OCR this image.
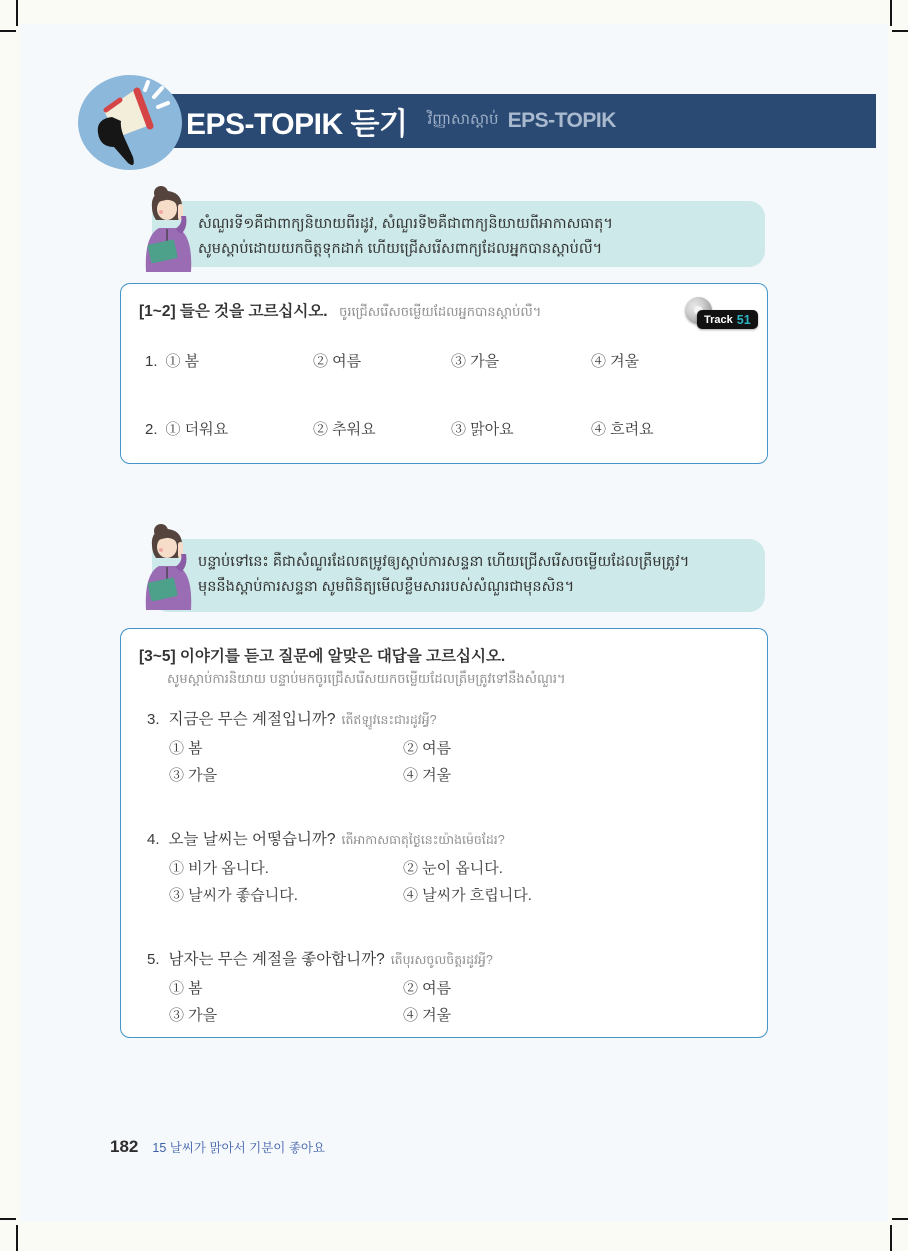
EPS-TOPIK 듣기 វិញ្ញាសាស្តាប់ EPS-TOPIK
សំណួរទី១គឺជាពាក្យនិយាយពីរដូវ, សំណួរទី២គឺជាពាក្យនិយាយពីអាកាសធាតុ។
សូមស្តាប់ដោយយកចិត្តទុកដាក់ ហើយជ្រើសរើសពាក្យដែលអ្នកបានស្តាប់លឺ។
[1~2] 들은 것을 고르십시오. ចូរជ្រើសរើសចម្លើយដែលអ្នកបានស្តាប់លឺ។
Track 51
1. ① 봄	② 여름	③ 가을	④ 겨울
2. ① 더워요	② 추워요	③ 맑아요	④ 흐려요
បន្ទាប់ទៅនេះ គឺជាសំណួរដែលតម្រូវឲ្យស្តាប់ការសន្ទនា ហើយជ្រើសរើសចម្លើយដែលត្រឹមត្រូវ។
មុននឹងស្តាប់ការសន្ទនា សូមពិនិត្យមើលខ្លឹមសាររបស់សំណួរជាមុនសិន។
[3~5] 이야기를 듣고 질문에 알맞은 대답을 고르십시오.
សូមស្តាប់ការនិយាយ បន្ទាប់មកចូរជ្រើសរើសយកចម្លើយដែលត្រឹមត្រូវទៅនឹងសំណួរ។
3. 지금은 무슨 계절입니까? តើឥឡូវនេះជារដូវអ្វី?
① 봄	② 여름
③ 가을	④ 겨울
4. 오늘 날씨는 어떻습니까? តើអាកាសធាតុថ្ងៃនេះយ៉ាងម៉េចដែរ?
① 비가 옵니다.	② 눈이 옵니다.
③ 날씨가 좋습니다.	④ 날씨가 흐립니다.
5. 남자는 무슨 계절을 좋아합니까? តើបុរសចូលចិត្តរដូវអ្វី?
① 봄	② 여름
③ 가을	④ 겨울
182 15 날씨가 맑아서 기분이 좋아요
